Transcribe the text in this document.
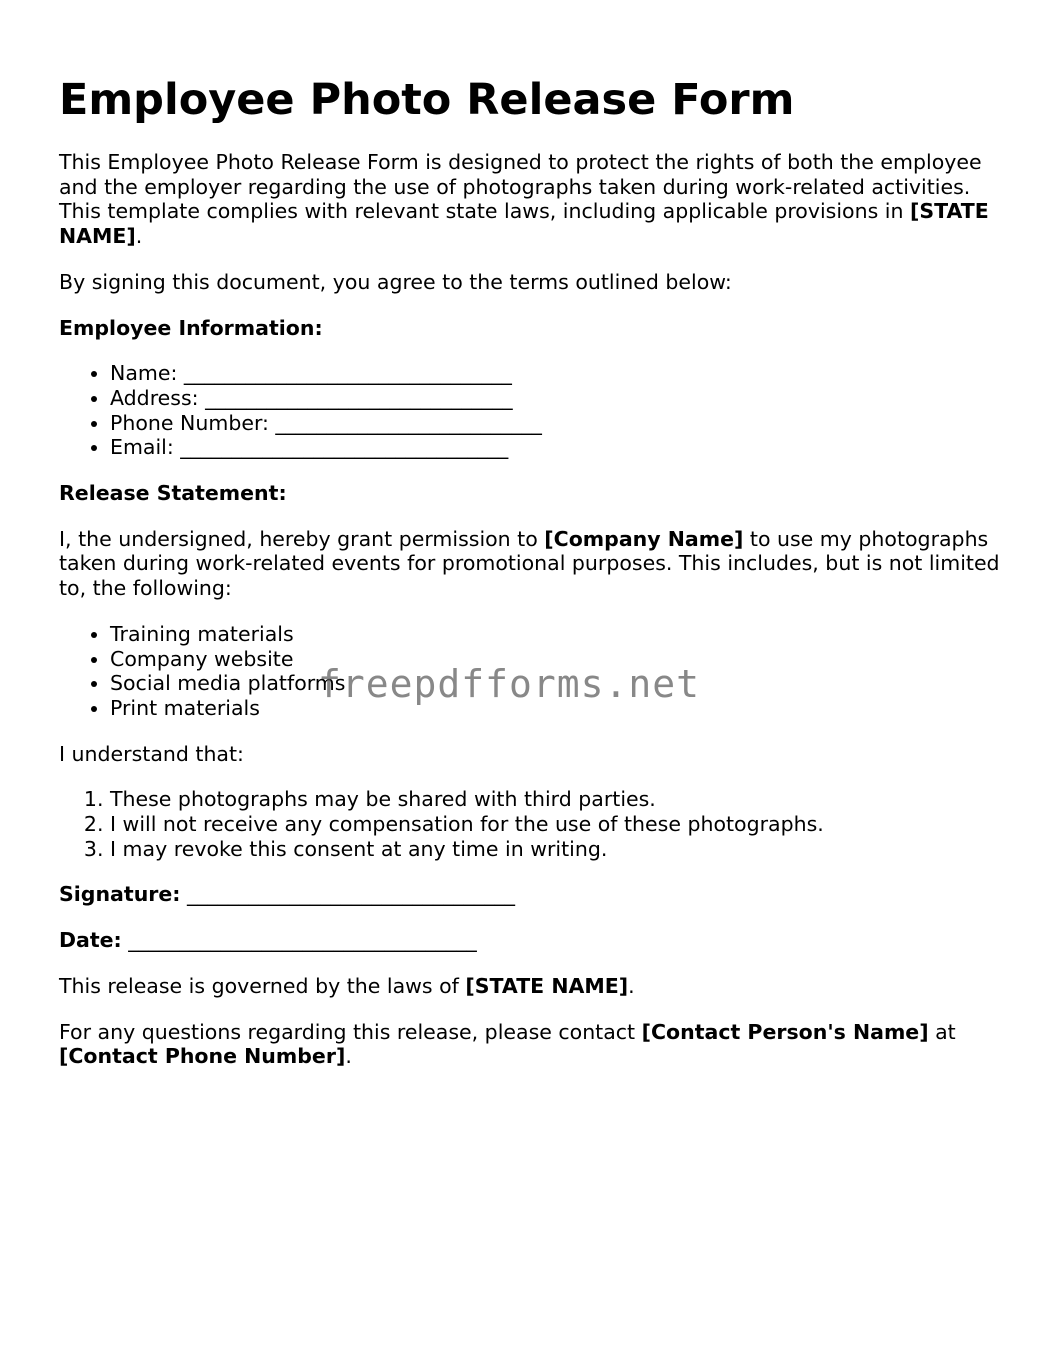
Employee Photo Release Form

This Employee Photo Release Form is designed to protect the rights of both the employee and the employer regarding the use of photographs taken during work-related activities. This template complies with relevant state laws, including applicable provisions in [STATE NAME].

By signing this document, you agree to the terms outlined below:

Employee Information:
• Name: ________________________________
• Address: ______________________________
• Phone Number: __________________________
• Email: ________________________________
Release Statement:

I, the undersigned, hereby grant permission to [Company Name] to use my photographs taken during work-related events for promotional purposes. This includes, but is not limited to, the following:

• Training materials
• Company website
• Social media platforms
• Print materials

I understand that:

1. These photographs may be shared with third parties.
2. I will not receive any compensation for the use of these photographs.
3. I may revoke this consent at any time in writing.

Signature: ________________________________

Date: __________________________________

This release is governed by the laws of [STATE NAME].

For any questions regarding this release, please contact [Contact Person's Name] at [Contact Phone Number].

freepdfforms.net
